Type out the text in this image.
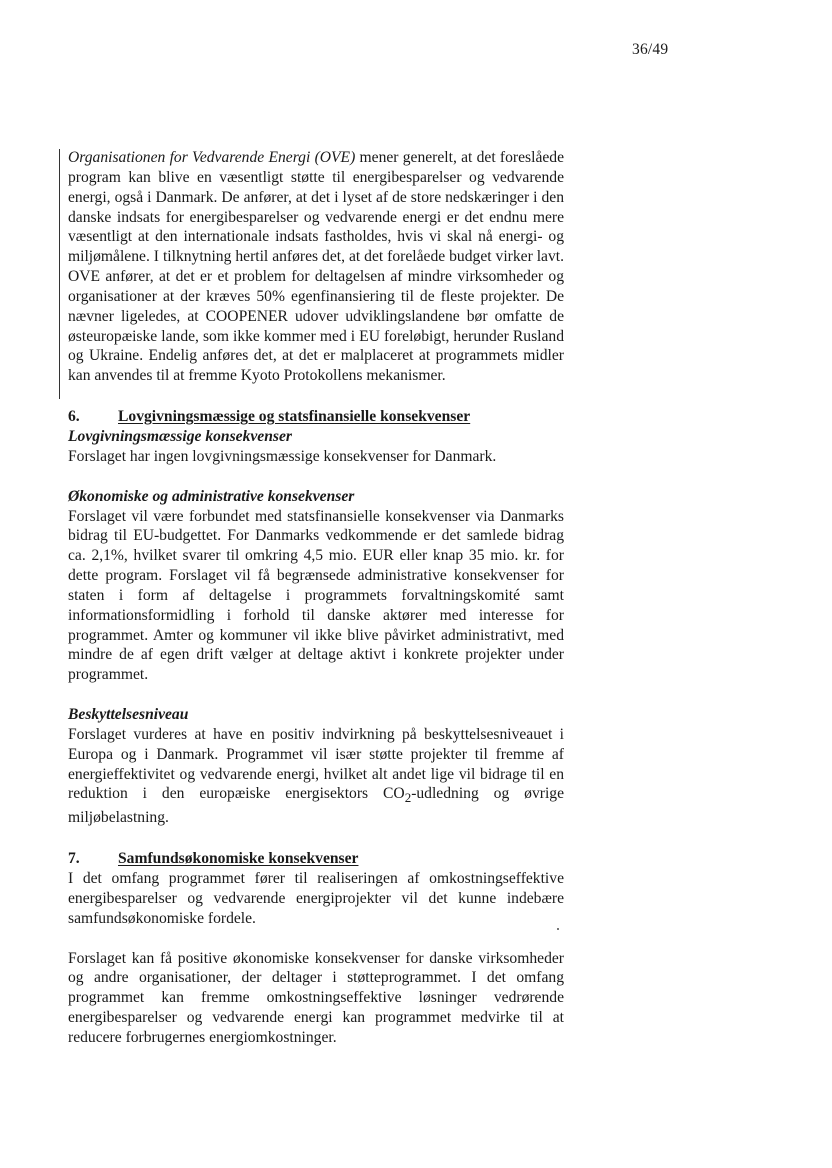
36/49

Organisationen for Vedvarende Energi (OVE) mener generelt, at det foreslåede program kan blive en væsentligt støtte til energibesparelser og vedvarende energi, også i Danmark. De anfører, at det i lyset af de store nedskæringer i den danske indsats for energibesparelser og vedvarende energi er det endnu mere væsentligt at den internationale indsats fastholdes, hvis vi skal nå energi- og miljømålene. I tilknytning hertil anføres det, at det forelåede budget virker lavt. OVE anfører, at det er et problem for deltagelsen af mindre virksomheder og organisationer at der kræves 50% egenfinansiering til de fleste projekter. De nævner ligeledes, at COOPENER udover udviklingslandene bør omfatte de østeuropæiske lande, som ikke kommer med i EU foreløbigt, herunder Rusland og Ukraine. Endelig anføres det, at det er malplaceret at programmets midler kan anvendes til at fremme Kyoto Protokollens mekanismer.

6.	Lovgivningsmæssige og statsfinansielle konsekvenser
Lovgivningsmæssige konsekvenser

Forslaget har ingen lovgivningsmæssige konsekvenser for Danmark.

Økonomiske og administrative konsekvenser

Forslaget vil være forbundet med statsfinansielle konsekvenser via Danmarks bidrag til EU-budgettet. For Danmarks vedkommende er det samlede bidrag ca. 2,1%, hvilket svarer til omkring 4,5 mio. EUR eller knap 35 mio. kr. for dette program. Forslaget vil få begrænsede administrative konsekvenser for staten i form af deltagelse i programmets forvaltningskomité samt informationsformidling i forhold til danske aktører med interesse for programmet. Amter og kommuner vil ikke blive påvirket administrativt, med mindre de af egen drift vælger at deltage aktivt i konkrete projekter under programmet.

Beskyttelsesniveau

Forslaget vurderes at have en positiv indvirkning på beskyttelsesniveauet i Europa og i Danmark. Programmet vil især støtte projekter til fremme af energieffektivitet og vedvarende energi, hvilket alt andet lige vil bidrage til en reduktion i den europæiske energisektors $CO_2$-udledning og øvrige miljøbelastning.

7.	Samfundsøkonomiske konsekvenser

I det omfang programmet fører til realiseringen af omkostningseffektive energibesparelser og vedvarende energiprojekter vil det kunne indebære samfundsøkonomiske fordele.

Forslaget kan få positive økonomiske konsekvenser for danske virksomheder og andre organisationer, der deltager i støtteprogrammet. I det omfang programmet kan fremme omkostningseffektive løsninger vedrørende energibesparelser og vedvarende energi kan programmet medvirke til at reducere forbrugernes energiomkostninger.
